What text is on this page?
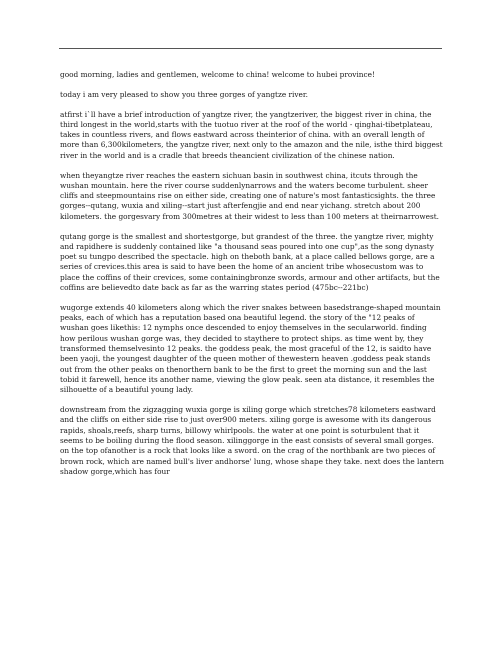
good morning, ladies and gentlemen, welcome to china! welcome to hubei province!

today i am very pleased to show you three gorges of yangtze river.

atfirst i`ll have a brief introduction of yangtze river, the yangtzeriver, the biggest river in china, the third longest in the world,starts with the tuotuo river at the roof of the world - qinghai-tibetplateau, takes in countless rivers, and flows eastward across theinterior of china. with an overall length of more than 6,300kilometers, the yangtze river, next only to the amazon and the nile, isthe third biggest river in the world and is a cradle that breeds theancient civilization of the chinese nation.

when theyangtze river reaches the eastern sichuan basin in southwest china, itcuts through the wushan mountain. here the river course suddenlynarrows and the waters become turbulent. sheer cliffs and steepmountains rise on either side, creating one of nature's most fantasticsights. the three gorges--qutang, wuxia and xiling--start just afterfengjie and end near yichang. stretch about 200 kilometers. the gorgesvary from 300metres at their widest to less than 100 meters at theirnarrowest.

qutang gorge is the smallest and shortestgorge, but grandest of the three. the yangtze river, mighty and rapidhere is suddenly contained like "a thousand seas poured into one cup",as the song dynasty poet su tungpo described the spectacle. high on theboth bank, at a place called bellows gorge, are a series of crevices.this area is said to have been the home of an ancient tribe whosecustom was to place the coffins of their crevices, some containingbronze swords, armour and other artifacts, but the coffins are believedto date back as far as the warring states period (475bc--221bc)

wugorge extends 40 kilometers along which the river snakes between basedstrange-shaped mountain peaks, each of which has a reputation based ona beautiful legend. the story of the "12 peaks of wushan goes likethis: 12 nymphs once descended to enjoy themselves in the secularworld. finding how perilous wushan gorge was, they decided to staythere to protect ships. as time went by, they transformed themselvesinto 12 peaks. the goddess peak, the most graceful of the 12, is saidto have been yaoji, the youngest daughter of the queen mother of thewestern heaven .goddess peak stands out from the other peaks on thenorthern bank to be the first to greet the morning sun and the last tobid it farewell, hence its another name, viewing the glow peak. seen ata distance, it resembles the silhouette of a beautiful young lady.

downstream from the zigzagging wuxia gorge is xiling gorge which stretches78 kilometers eastward and the cliffs on either side rise to just over900 meters. xiling gorge is awesome with its dangerous rapids, shoals,reefs, sharp turns, billowy whirlpools. the water at one point is soturbulent that it seems to be boiling during the flood season. xilinggorge in the east consists of several small gorges. on the top ofanother is a rock that looks like a sword. on the crag of the northbank are two pieces of brown rock, which are named bull's liver andhorse' lung, whose shape they take. next does the lantern shadow gorge,which has four
